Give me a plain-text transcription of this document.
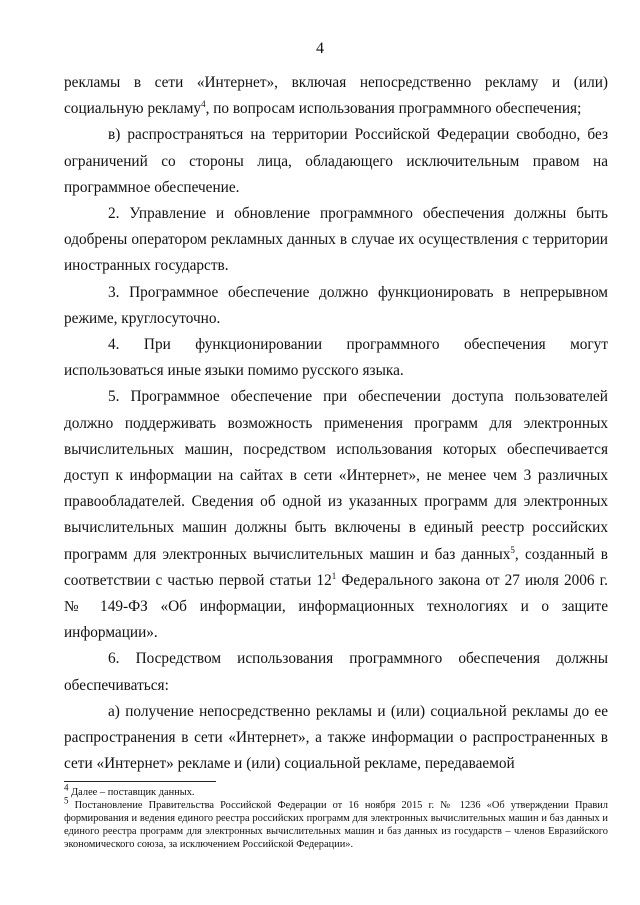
4

рекламы в сети «Интернет», включая непосредственно рекламу и (или) социальную рекламу$^4$, по вопросам использования программного обеспечения;

в) распространяться на территории Российской Федерации свободно, без ограничений со стороны лица, обладающего исключительным правом на программное обеспечение.

2. Управление и обновление программного обеспечения должны быть одобрены оператором рекламных данных в случае их осуществления с территории иностранных государств.

3. Программное обеспечение должно функционировать в непрерывном режиме, круглосуточно.

4. При функционировании программного обеспечения могут использоваться иные языки помимо русского языка.

5. Программное обеспечение при обеспечении доступа пользователей должно поддерживать возможность применения программ для электронных вычислительных машин, посредством использования которых обеспечивается доступ к информации на сайтах в сети «Интернет», не менее чем 3 различных правообладателей. Сведения об одной из указанных программ для электронных вычислительных машин должны быть включены в единый реестр российских программ для электронных вычислительных машин и баз данных$^5$, созданный в соответствии с частью первой статьи $12^1$ Федерального закона от 27 июля 2006 г. № 149-ФЗ «Об информации, информационных технологиях и о защите информации».

6. Посредством использования программного обеспечения должны обеспечиваться:

а) получение непосредственно рекламы и (или) социальной рекламы до ее распространения в сети «Интернет», а также информации о распространенных в сети «Интернет» рекламе и (или) социальной рекламе, передаваемой

$^4$ Далее – поставщик данных.

$^5$ Постановление Правительства Российской Федерации от 16 ноября 2015 г. № 1236 «Об утверждении Правил формирования и ведения единого реестра российских программ для электронных вычислительных машин и баз данных и единого реестра программ для электронных вычислительных машин и баз данных из государств – членов Евразийского экономического союза, за исключением Российской Федерации».
